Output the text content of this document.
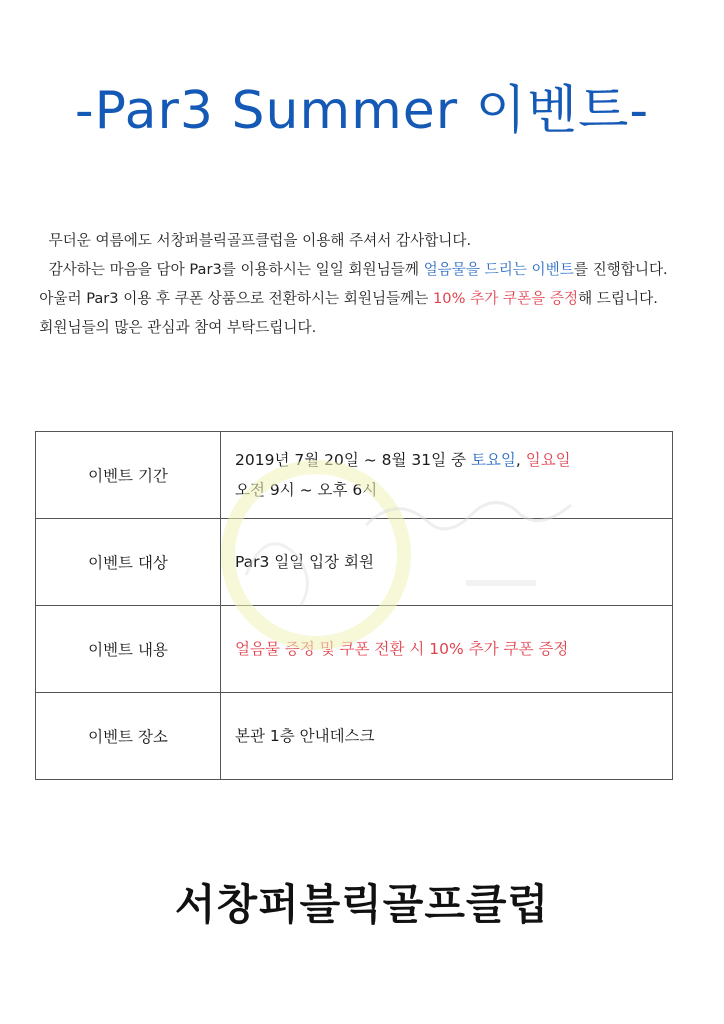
-Par3 Summer 이벤트-

무더운 여름에도 서창퍼블릭골프클럽을 이용해 주셔서 감사합니다.

감사하는 마음을 담아 Par3를 이용하시는 일일 회원님들께 얼음물을 드리는 이벤트를 진행합니다.

아울러 Par3 이용 후 쿠폰 상품으로 전환하시는 회원님들께는 10% 추가 쿠폰을 증정해 드립니다.

회원님들의 많은 관심과 참여 부탁드립니다.

이벤트 기간	2019년 7월 20일 ~ 8월 31일 중 토요일, 일요일
오전 9시 ~ 오후 6시
이벤트 대상	Par3 일일 입장 회원
이벤트 내용	얼음물 증정 및 쿠폰 전환 시 10% 추가 쿠폰 증정
이벤트 장소	본관 1층 안내데스크
서창퍼블릭골프클럽
